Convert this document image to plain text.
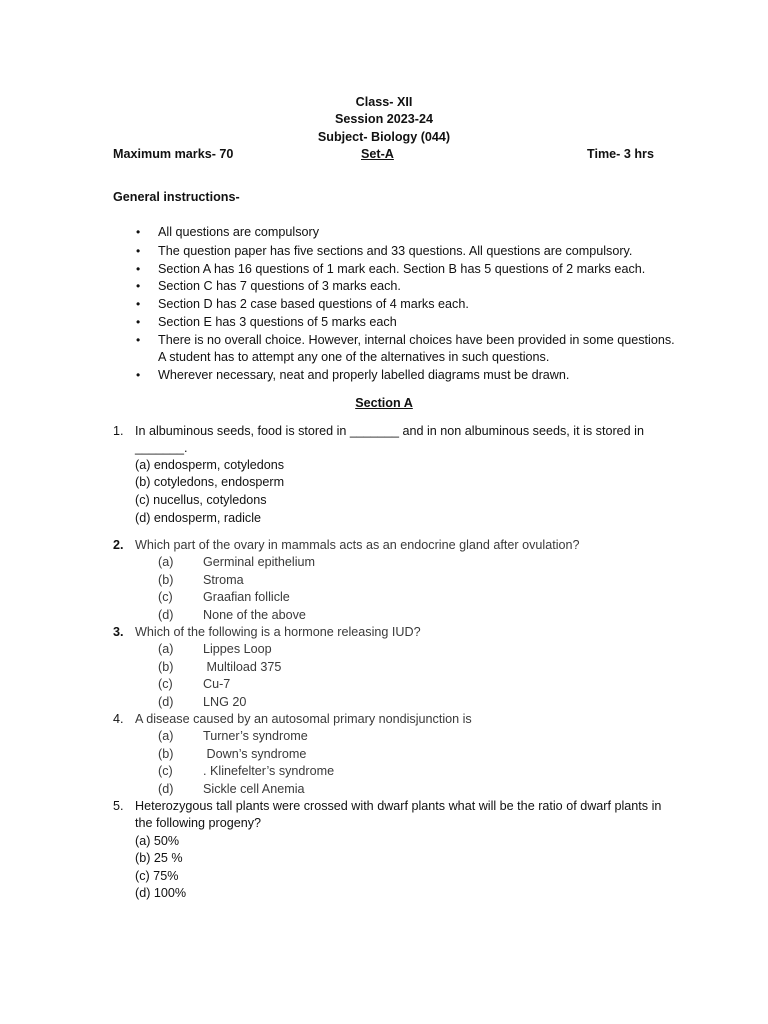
Class- XII
Session 2023-24
Subject- Biology (044)
Maximum marks- 70	Set-A	Time- 3 hrs
General instructions-
• All questions are compulsory
• The question paper has five sections and 33 questions. All questions are compulsory.
• Section A has 16 questions of 1 mark each. Section B has 5 questions of 2 marks each.
• Section C has 7 questions of 3 marks each.
• Section D has 2 case based questions of 4 marks each.
• Section E has 3 questions of 5 marks each
• There is no overall choice. However, internal choices have been provided in some questions.
A student has to attempt any one of the alternatives in such questions.
• Wherever necessary, neat and properly labelled diagrams must be drawn.
Section A
1. In albuminous seeds, food is stored in _______ and in non albuminous seeds, it is stored in
_______.
(a) endosperm, cotyledons
(b) cotyledons, endosperm
(c) nucellus, cotyledons
(d) endosperm, radicle
2. Which part of the ovary in mammals acts as an endocrine gland after ovulation?
(a) Germinal epithelium
(b) Stroma
(c) Graafian follicle
(d) None of the above
3. Which of the following is a hormone releasing IUD?
(a) Lippes Loop
(b) Multiload 375
(c) Cu-7
(d) LNG 20
4. A disease caused by an autosomal primary nondisjunction is
(a) Turner’s syndrome
(b) Down’s syndrome
(c) . Klinefelter’s syndrome
(d) Sickle cell Anemia
5. Heterozygous tall plants were crossed with dwarf plants what will be the ratio of dwarf plants in
the following progeny?
(a) 50%
(b) 25 %
(c) 75%
(d) 100%
